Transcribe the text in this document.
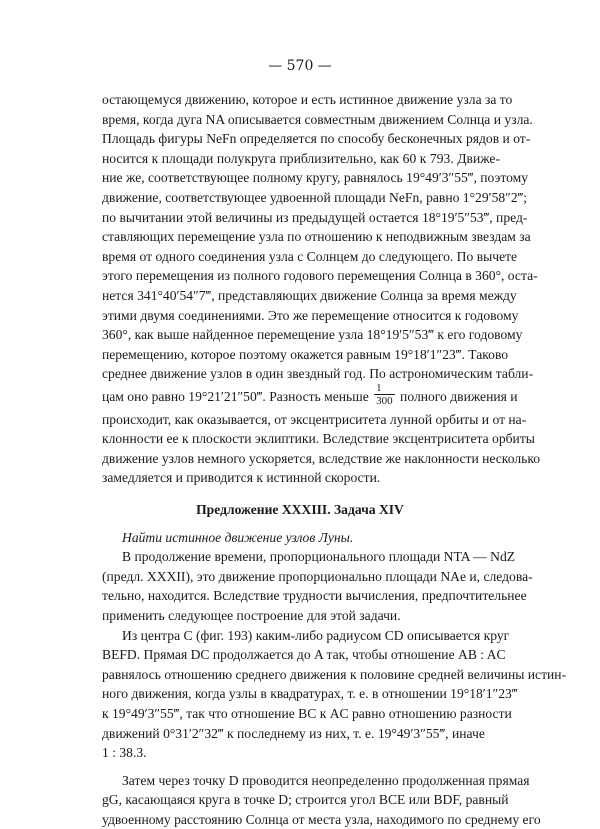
— 570 —
остающемуся движению, которое и есть истинное движение узла за то
время, когда дуга NA описывается совместным движением Солнца и узла.
Площадь фигуры NeFn определяется по способу бесконечных рядов и от-
носится к площади полукруга приблизительно, как 60 к 793. Движе-
ние же, соответствующее полному кругу, равнялось 19°49′3″55‴, поэтому
движение, соответствующее удвоенной площади NeFn, равно 1°29′58″2‴;
по вычитании этой величины из предыдущей остается 18°19′5″53‴, пред-
ставляющих перемещение узла по отношению к неподвижным звездам за
время от одного соединения узла с Солнцем до следующего. По вычете
этого перемещения из полного годового перемещения Солнца в 360°, оста-
нется 341°40′54″7‴, представляющих движение Солнца за время между
этими двумя соединениями. Это же перемещение относится к годовому
360°, как выше найденное перемещение узла 18°19′5″53‴ к его годовому
перемещению, которое поэтому окажется равным 19°18′1″23‴. Таково
среднее движение узлов в один звездный год. По астрономическим табли-
цам оно равно 19°21′21″50‴. Разность меньше $\frac{1}{300}$ полного движения и
происходит, как оказывается, от эксцентриситета лунной орбиты и от на-
клонности ее к плоскости эклиптики. Вследствие эксцентриситета орбиты
движение узлов немного ускоряется, вследствие же наклонности несколько
замедляется и приводится к истинной скорости.
Предложение XXXIII. Задача XIV
Найти истинное движение узлов Луны.
В продолжение времени, пропорционального площади NTA — NdZ
(предл. XXXII), это движение пропорционально площади NAe и, следова-
тельно, находится. Вследствие трудности вычисления, предпочтительнее
применить следующее построение для этой задачи.
Из центра C (фиг. 193) каким-либо радиусом CD описывается круг
BEFD. Прямая DC продолжается до A так, чтобы отношение AB : AC
равнялось отношению среднего движения к половине средней величины истин-
ного движения, когда узлы в квадратурах, т. е. в отношении 19°18′1″23‴
к 19°49′3″55‴, так что отношение BC к AC равно отношению разности
движений 0°31′2″32‴ к последнему из них, т. е. 19°49′3″55‴, иначе
1 : 38.3.
Затем через точку D проводится неопределенно продолженная прямая
gG, касающаяся круга в точке D; строится угол BCE или BDF, равный
удвоенному расстоянию Солнца от места узла, находимого по среднему его
